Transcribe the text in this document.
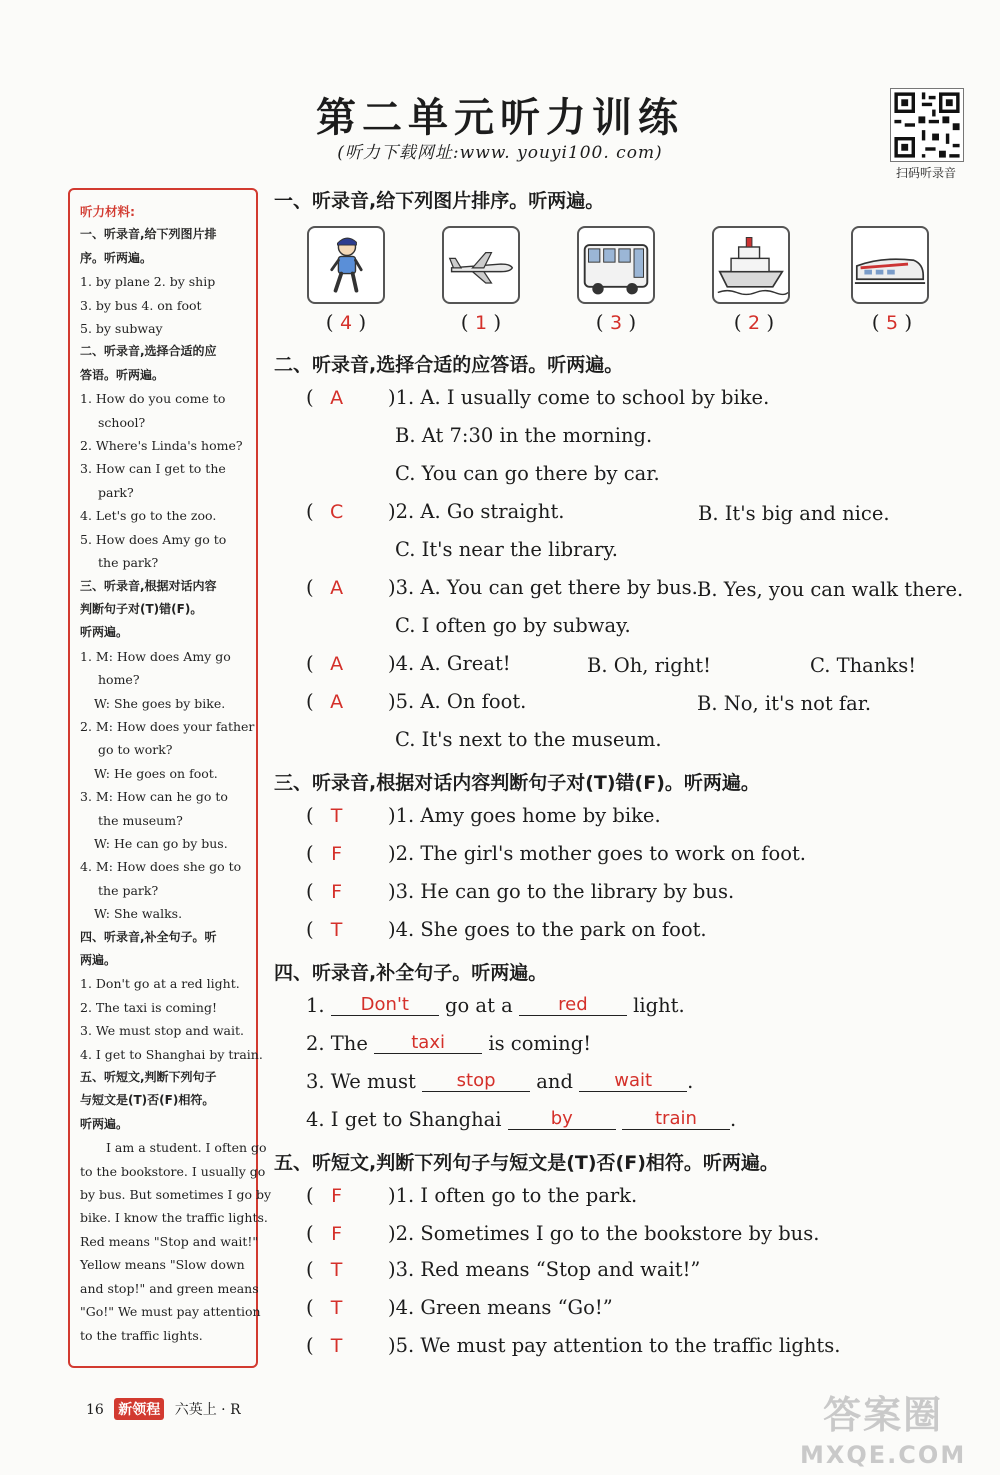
第二单元听力训练
(听力下载网址:www. youyi100. com)
扫码听录音
听力材料:
一、听录音,给下列图片排
序。听两遍。
1. by plane 2. by ship
3. by bus 4. on foot
5. by subway
二、听录音,选择合适的应
答语。听两遍。
1. How do you come to
school?
2. Where's Linda's home?
3. How can I get to the
park?
4. Let's go to the zoo.
5. How does Amy go to
the park?
三、听录音,根据对话内容
判断句子对(T)错(F)。
听两遍。
1. M: How does Amy go
home?
W: She goes by bike.
2. M: How does your father
go to work?
W: He goes on foot.
3. M: How can he go to
the museum?
W: He can go by bus.
4. M: How does she go to
the park?
W: She walks.
四、听录音,补全句子。听
两遍。
1. Don't go at a red light.
2. The taxi is coming!
3. We must stop and wait.
4. I get to Shanghai by train.
五、听短文,判断下列句子
与短文是(T)否(F)相符。
听两遍。
I am a student. I often go
to the bookstore. I usually go
by bus. But sometimes I go by
bike. I know the traffic lights.
Red means "Stop and wait!"
Yellow means "Slow down
and stop!" and green means
"Go!" We must pay attention
to the traffic lights.
一、听录音,给下列图片排序。听两遍。
( 4 )	( 1 )	( 3 )	( 2 )	( 5 )
二、听录音,选择合适的应答语。听两遍。
( A )1. A. I usually come to school by bike.
B. At 7:30 in the morning.
C. You can go there by car.
( C )2. A. Go straight.	B. It's big and nice.
C. It's near the library.
( A )3. A. You can get there by bus. B. Yes, you can walk there.
C. I often go by subway.
( A )4. A. Great!	B. Oh, right!	C. Thanks!
( A )5. A. On foot.	B. No, it's not far.
C. It's next to the museum.
三、听录音,根据对话内容判断句子对(T)错(F)。听两遍。
( T )1. Amy goes home by bike.
( F )2. The girl's mother goes to work on foot.
( F )3. He can go to the library by bus.
( T )4. She goes to the park on foot.
四、听录音,补全句子。听两遍。
1. Don't go at a	red light.
2. The taxi is coming!
3. We must stop and wait .
4. I get to Shanghai	by	train .
五、听短文,判断下列句子与短文是(T)否(F)相符。听两遍。
( F )1. I often go to the park.
( F )2. Sometimes I go to the bookstore by bus.
( T )3. Red means “Stop and wait!”
( T )4. Green means “Go!”
( T )5. We must pay attention to the traffic lights.
16 新领程 六英上 · R	答案圈
MXQE.COM
